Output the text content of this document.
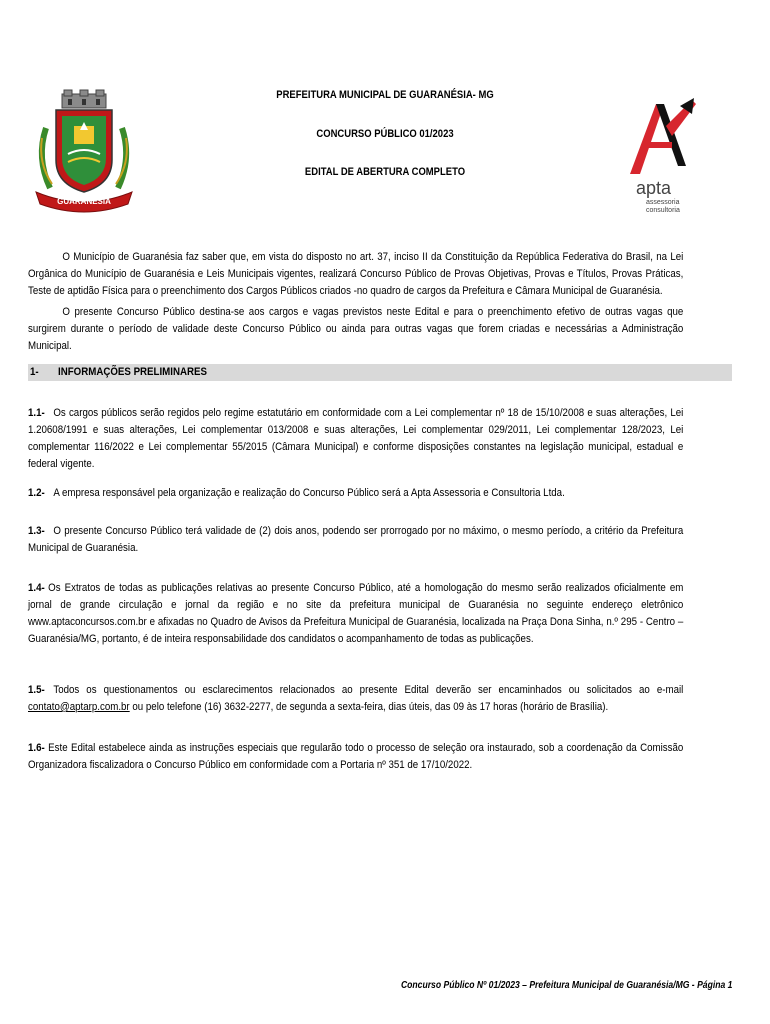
GUARANÉSIA
1906	1891	apta
assessoria
consultoria
PREFEITURA MUNICIPAL DE GUARANÉSIA- MG
CONCURSO PÚBLICO 01/2023
EDITAL DE ABERTURA COMPLETO
O Município de Guaranésia faz saber que, em vista do disposto no art. 37, inciso II da Constituição da República Federativa do Brasil, na Lei Orgânica do Município de Guaranésia e Leis Municipais vigentes, realizará Concurso Público de Provas Objetivas, Provas e Títulos, Provas Práticas, Teste de aptidão Física para o preenchimento dos Cargos Públicos criados -no quadro de cargos da Prefeitura e Câmara Municipal de Guaranésia.
O presente Concurso Público destina-se aos cargos e vagas previstos neste Edital e para o preenchimento efetivo de outras vagas que surgirem durante o período de validade deste Concurso Público ou ainda para outras vagas que forem criadas e necessárias a Administração Municipal.
1- INFORMAÇÕES PRELIMINARES
1.1- Os cargos públicos serão regidos pelo regime estatutário em conformidade com a Lei complementar nº 18 de 15/10/2008 e suas alterações, Lei 1.20608/1991 e suas alterações, Lei complementar 013/2008 e suas alterações, Lei complementar 029/2011, Lei complementar 128/2023, Lei complementar 116/2022 e Lei complementar 55/2015 (Câmara Municipal) e conforme disposições constantes na legislação municipal, estadual e federal vigente.
1.2- A empresa responsável pela organização e realização do Concurso Público será a Apta Assessoria e Consultoria Ltda.
1.3- O presente Concurso Público terá validade de (2) dois anos, podendo ser prorrogado por no máximo, o mesmo período, a critério da Prefeitura Municipal de Guaranésia.
1.4- Os Extratos de todas as publicações relativas ao presente Concurso Público, até a homologação do mesmo serão realizados oficialmente em jornal de grande circulação e jornal da região e no site da prefeitura municipal de Guaranésia no seguinte endereço eletrônico www.aptaconcursos.com.br e afixadas no Quadro de Avisos da Prefeitura Municipal de Guaranésia, localizada na Praça Dona Sinha, n.º 295 - Centro – Guaranésia/MG, portanto, é de inteira responsabilidade dos candidatos o acompanhamento de todas as publicações.
1.5- Todos os questionamentos ou esclarecimentos relacionados ao presente Edital deverão ser encaminhados ou solicitados ao e-mail contato@aptarp.com.br ou pelo telefone (16) 3632-2277, de segunda a sexta-feira, dias úteis, das 09 às 17 horas (horário de Brasília).
1.6- Este Edital estabelece ainda as instruções especiais que regularão todo o processo de seleção ora instaurado, sob a coordenação da Comissão Organizadora fiscalizadora o Concurso Público em conformidade com a Portaria nº 351 de 17/10/2022.
Concurso Público Nº 01/2023 – Prefeitura Municipal de Guaranésia/MG - Página 1
